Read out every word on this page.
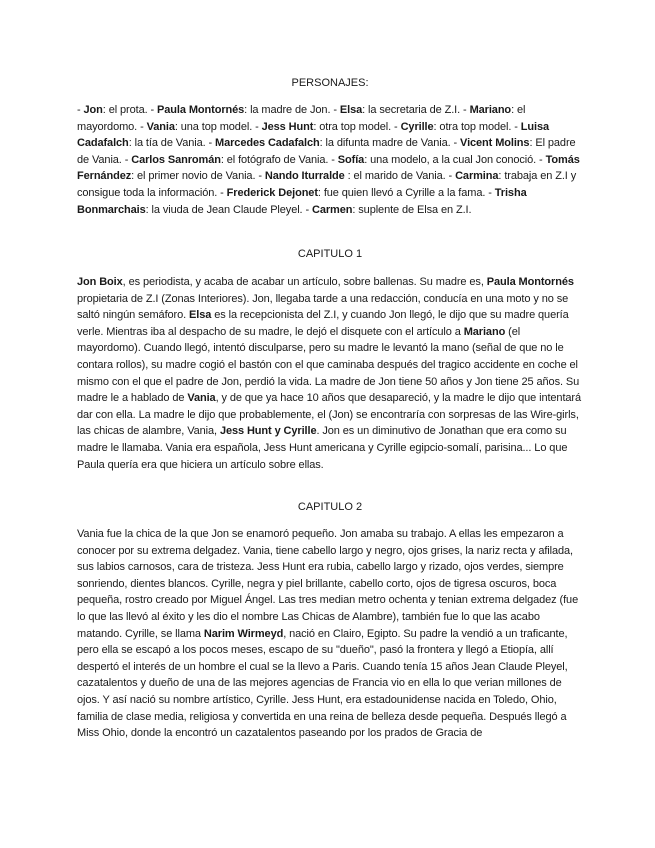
PERSONAJES:

- Jon: el prota. - Paula Montornés: la madre de Jon. - Elsa: la secretaria de Z.I. - Mariano: el mayordomo. - Vania: una top model. - Jess Hunt: otra top model. - Cyrille: otra top model. - Luisa Cadafalch: la tía de Vania. - Marcedes Cadafalch: la difunta madre de Vania. - Vicent Molins: El padre de Vania. - Carlos Sanromán: el fotógrafo de Vania. - Sofía: una modelo, a la cual Jon conoció. - Tomás Fernández: el primer novio de Vania. - Nando Iturralde : el marido de Vania. - Carmina: trabaja en Z.I y consigue toda la información. - Frederick Dejonet: fue quien llevó a Cyrille a la fama. - Trisha Bonmarchais: la viuda de Jean Claude Pleyel. - Carmen: suplente de Elsa en Z.I.

CAPITULO 1

Jon Boix, es periodista, y acaba de acabar un artículo, sobre ballenas. Su madre es, Paula Montornés propietaria de Z.I (Zonas Interiores). Jon, llegaba tarde a una redacción, conducía en una moto y no se saltó ningún semáforo. Elsa es la recepcionista del Z.I, y cuando Jon llegó, le dijo que su madre quería verle. Mientras iba al despacho de su madre, le dejó el disquete con el artículo a Mariano (el mayordomo). Cuando llegó, intentó disculparse, pero su madre le levantó la mano (señal de que no le contara rollos), su madre cogió el bastón con el que caminaba después del tragico accidente en coche el mismo con el que el padre de Jon, perdió la vida. La madre de Jon tiene 50 años y Jon tiene 25 años. Su madre le a hablado de Vania, y de que ya hace 10 años que desapareció, y la madre le dijo que intentará dar con ella. La madre le dijo que probablemente, el (Jon) se encontraría con sorpresas de las Wire-girls, las chicas de alambre, Vania, Jess Hunt y Cyrille. Jon es un diminutivo de Jonathan que era como su madre le llamaba. Vania era española, Jess Hunt americana y Cyrille egipcio-somalí, parisina... Lo que Paula quería era que hiciera un artículo sobre ellas.

CAPITULO 2

Vania fue la chica de la que Jon se enamoró pequeño. Jon amaba su trabajo. A ellas les empezaron a conocer por su extrema delgadez. Vania, tiene cabello largo y negro, ojos grises, la nariz recta y afilada, sus labios carnosos, cara de tristeza. Jess Hunt era rubia, cabello largo y rizado, ojos verdes, siempre sonriendo, dientes blancos. Cyrille, negra y piel brillante, cabello corto, ojos de tigresa oscuros, boca pequeña, rostro creado por Miguel Ángel. Las tres median metro ochenta y tenian extrema delgadez (fue lo que las llevó al éxito y les dio el nombre Las Chicas de Alambre), también fue lo que las acabo matando. Cyrille, se llama Narim Wirmeyd, nació en Clairo, Egipto. Su padre la vendió a un traficante, pero ella se escapó a los pocos meses, escapo de su "dueño", pasó la frontera y llegó a Etiopía, allí despertó el interés de un hombre el cual se la llevo a Paris. Cuando tenía 15 años Jean Claude Pleyel, cazatalentos y dueño de una de las mejores agencias de Francia vio en ella lo que verian millones de ojos. Y así nació su nombre artístico, Cyrille. Jess Hunt, era estadounidense nacida en Toledo, Ohio, familia de clase media, religiosa y convertida en una reina de belleza desde pequeña. Después llegó a Miss Ohio, donde la encontró un cazatalentos paseando por los prados de Gracia de
